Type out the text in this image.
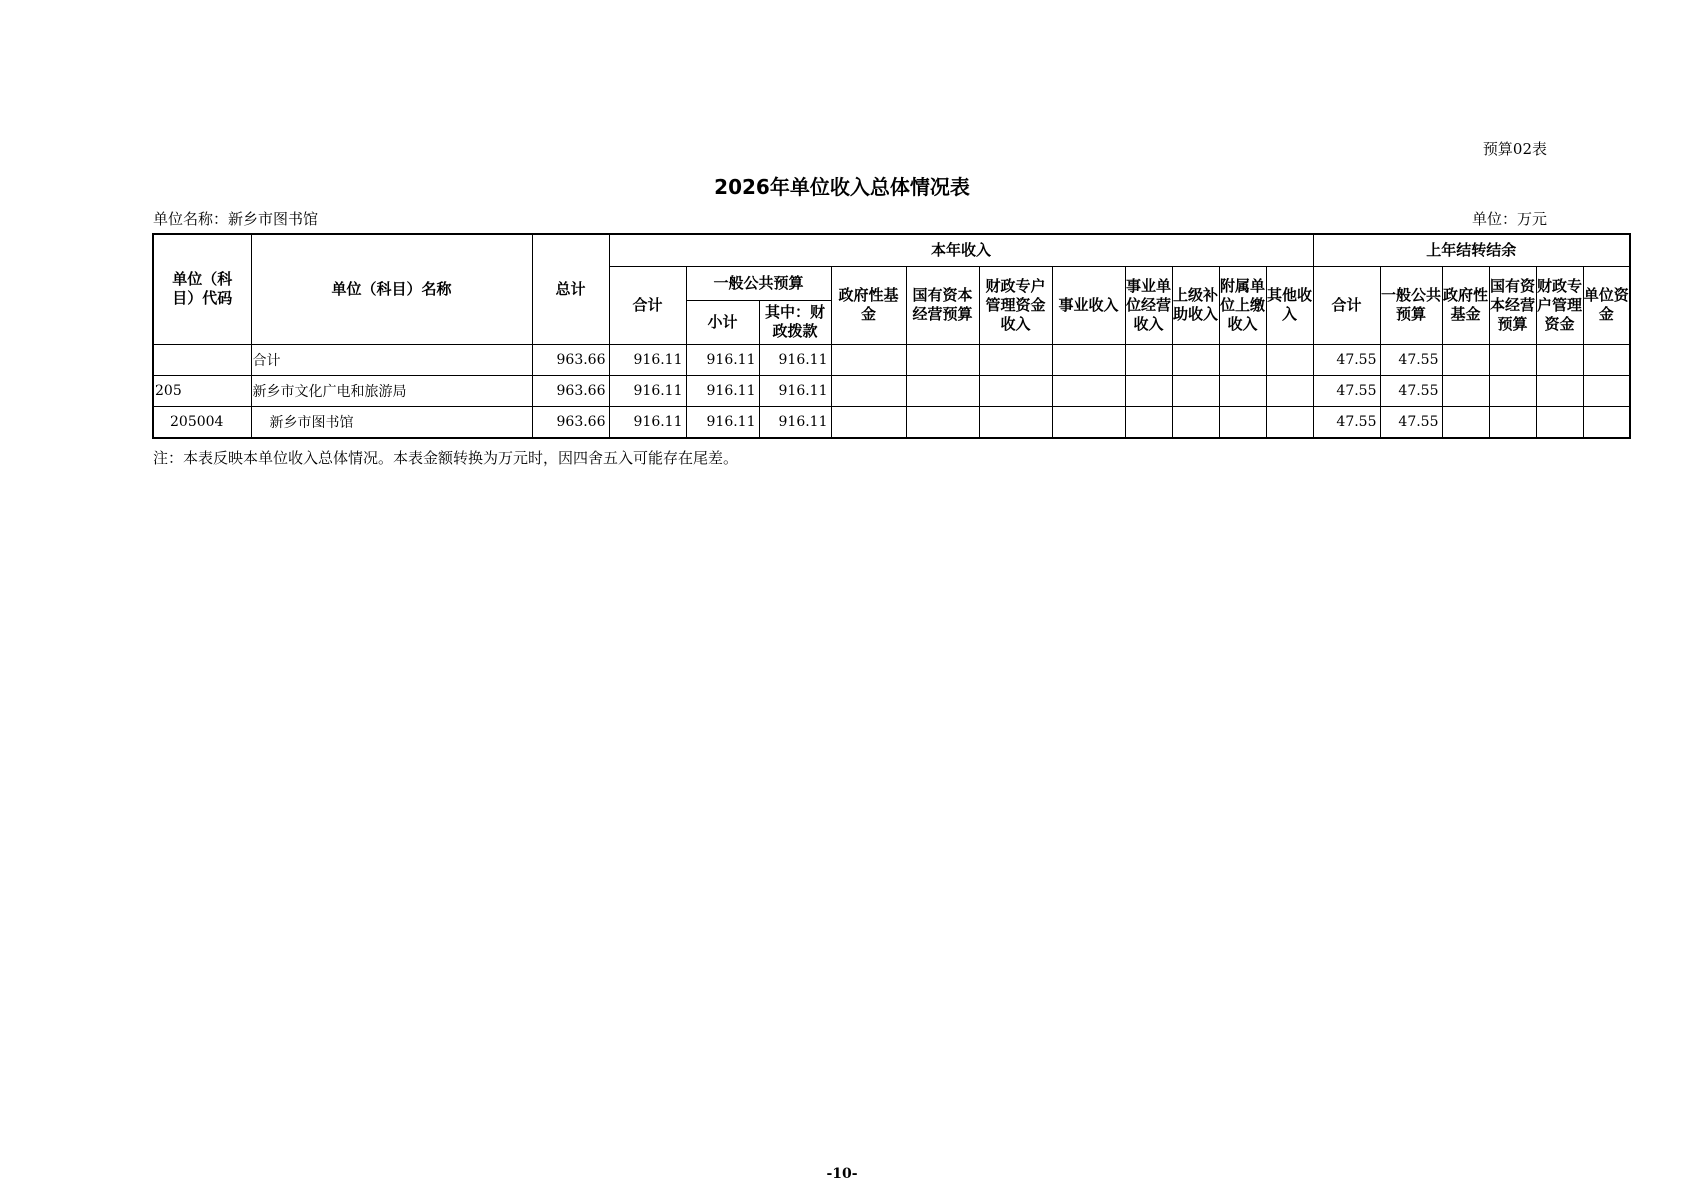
预算02表
2026年单位收入总体情况表
单位名称：新乡市图书馆	单位：万元
单位（科目）代码	单位（科目）名称	总计	本年收入											上年结转结余					
			合计	一般公共预算		政府性基金	国有资本经营预算	财政专户管理资金收入	事业收入	事业单位经营收入	上级补助收入	附属单位上缴收入	其他收入	合计	一般公共预算	政府性基金	国有资本经营预算	财政专户管理资金	单位资金
				小计	其中：财政拨款														
	合计	963.66	916.11	916.11	916.11									47.55	47.55				
205	新乡市文化广电和旅游局	963.66	916.11	916.11	916.11									47.55	47.55				
205004	新乡市图书馆	963.66	916.11	916.11	916.11									47.55	47.55				
注：本表反映本单位收入总体情况。本表金额转换为万元时，因四舍五入可能存在尾差。
-10-
